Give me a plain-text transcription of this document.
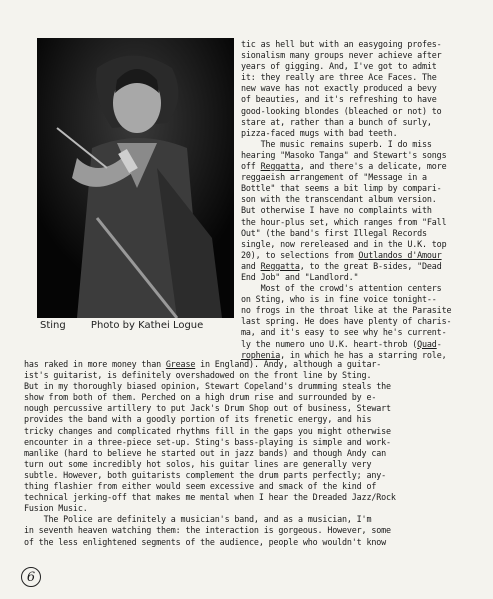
Sting	Photo by Kathei Logue
tic as hell but with an easygoing profes-
sionalism many groups never achieve after
years of gigging. And, I've got to admit
it: they really are three Ace Faces. The
new wave has not exactly produced a bevy
of beauties, and it's refreshing to have
good-looking blondes (bleached or not) to
stare at, rather than a bunch of surly,
pizza-faced mugs with bad teeth.
The music remains superb. I do miss
hearing "Masoko Tanga" and Stewart's songs
off Reggatta, and there's a delicate, more
reggaeish arrangement of "Message in a
Bottle" that seems a bit limp by compari-
son with the transcendant album version.
But otherwise I have no complaints with
the hour-plus set, which ranges from "Fall
Out" (the band's first Illegal Records
single, now rereleased and in the U.K. top
20), to selections from Outlandos d'Amour
and Reggatta, to the great B-sides, "Dead
End Job" and "Landlord."
Most of the crowd's attention centers
on Sting, who is in fine voice tonight--
no frogs in the throat like at the Parasite
last spring. He does have plenty of charis-
ma, and it's easy to see why he's current-
ly the numero uno U.K. heart-throb (Quad-
rophenia, in which he has a starring role,
has raked in more money than Grease in England). Andy, although a guitar-
ist's guitarist, is definitely overshadowed on the front line by Sting.
But in my thoroughly biased opinion, Stewart Copeland's drumming steals the
show from both of them. Perched on a high drum rise and surrounded by e-
nough percussive artillery to put Jack's Drum Shop out of business, Stewart
provides the band with a goodly portion of its frenetic energy, and his
tricky changes and complicated rhythms fill in the gaps you might otherwise
encounter in a three-piece set-up. Sting's bass-playing is simple and work-
manlike (hard to believe he started out in jazz bands) and though Andy can
turn out some incredibly hot solos, his guitar lines are generally very
subtle. However, both guitarists complement the drum parts perfectly; any-
thing flashier from either would seem excessive and smack of the kind of
technical jerking-off that makes me mental when I hear the Dreaded Jazz/Rock
Fusion Music.
The Police are definitely a musician's band, and as a musician, I'm
in seventh heaven watching them: the interaction is gorgeous. However, some
of the less enlightened segments of the audience, people who wouldn't know
6
